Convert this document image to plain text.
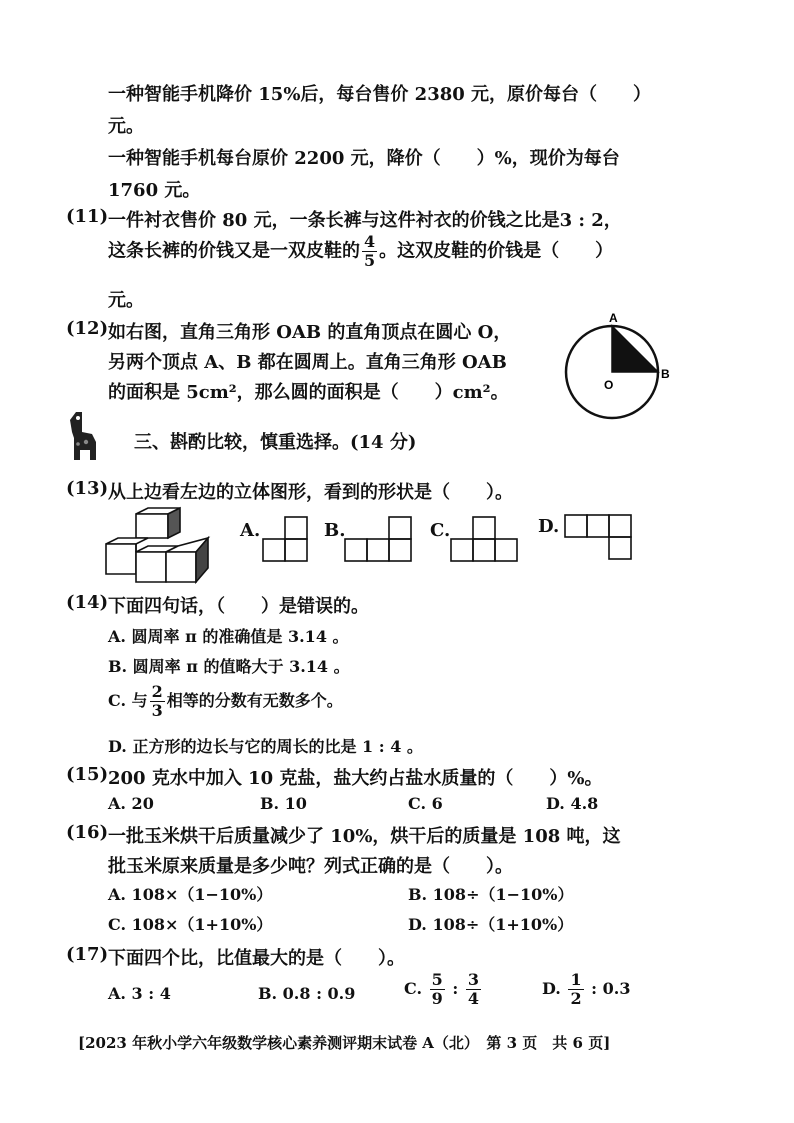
一种智能手机降价 15%后，每台售价 2380 元，原价每台（　　）
元。
一种智能手机每台原价 2200 元，降价（　　）%，现价为每台
1760 元。
(11) 一件衬衣售价 80 元，一条长裤与这件衬衣的价钱之比是3 : 2，
这条长裤的价钱又是一双皮鞋的 $\frac{4}{5}$ 。这双皮鞋的价钱是（　　）
元。
(12) 如右图，直角三角形 OAB 的直角顶点在圆心 O，
另两个顶点 A、B 都在圆周上。直角三角形 OAB
的面积是 5cm²，那么圆的面积是（　　）cm²。
A
O
B
三、斟酌比较，慎重选择。(14 分)
(13) 从上边看左边的立体图形，看到的形状是（　　）。
A.	B.	C.	D.
(14) 下面四句话，（　　）是错误的。
A. 圆周率 π 的准确值是 3.14 。
B. 圆周率 π 的值略大于 3.14 。
C. 与 $\frac{2}{3}$ 相等的分数有无数多个。
D. 正方形的边长与它的周长的比是 1 : 4 。
(15) 200 克水中加入 10 克盐，盐大约占盐水质量的（　　）%。
A. 20	B. 10	C. 6	D. 4.8
(16) 一批玉米烘干后质量减少了 10%，烘干后的质量是 108 吨，这
批玉米原来质量是多少吨？列式正确的是（　　）。
A. 108×（1−10%）	B. 108÷（1−10%）
C. 108×（1+10%）	D. 108÷（1+10%）
(17) 下面四个比，比值最大的是（　　）。
A. 3 : 4	B. 0.8 : 0.9	C. $\frac{5}{9}$ : $\frac{3}{4}$	D. $\frac{1}{2}$ : 0.3
[2023 年秋小学六年级数学核心素养测评期末试卷 A（北）　第 3 页　共 6 页]
